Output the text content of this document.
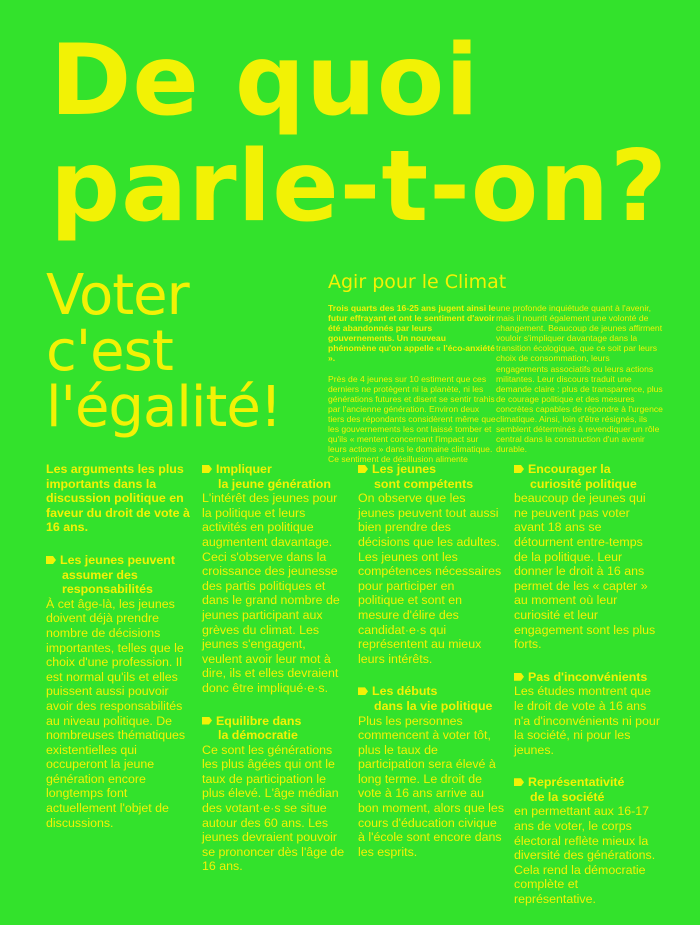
De quoi
parle-t-on?
Voter
c'est
l'égalité!
Agir pour le Climat

Trois quarts des 16-25 ans jugent ainsi le futur effrayant et ont le sentiment d'avoir été abandonnés par leurs gouvernements. Un nouveau phénomène qu'on appelle « l'éco-anxiété ».

Près de 4 jeunes sur 10 estiment que ces derniers ne protègent ni la planète, ni les générations futures et disent se sentir trahis par l'ancienne génération. Environ deux tiers des répondants considèrent même que les gouvernements les ont laissé tomber et qu'ils « mentent concernant l'impact sur leurs actions » dans le domaine climatique. Ce sentiment de désillusion alimente

une profonde inquiétude quant à l'avenir, mais il nourrit également une volonté de changement. Beaucoup de jeunes affirment vouloir s'impliquer davantage dans la transition écologique, que ce soit par leurs choix de consommation, leurs engagements associatifs ou leurs actions militantes. Leur discours traduit une demande claire : plus de transparence, plus de courage politique et des mesures concrètes capables de répondre à l'urgence climatique. Ainsi, loin d'être résignés, ils semblent déterminés à revendiquer un rôle central dans la construction d'un avenir durable.

Les arguments les plus importants dans la discussion politique en faveur du droit de vote à 16 ans.

Les jeunes peuvent
assumer des responsabilités

À cet âge-là, les jeunes doivent déjà prendre nombre de décisions importantes, telles que le choix d'une profession. Il est normal qu'ils et elles puissent aussi pouvoir avoir des responsabilités au niveau politique. De nombreuses thématiques existentielles qui occuperont la jeune génération encore longtemps font actuellement l'objet de discussions.

Impliquer
la jeune génération

L'intérêt des jeunes pour la politique et leurs activités en politique augmentent davantage. Ceci s'observe dans la croissance des jeunesse des partis politiques et dans le grand nombre de jeunes participant aux grèves du climat. Les jeunes s'engagent, veulent avoir leur mot à dire, ils et elles devraient donc être impliqué·e·s.

Equilibre dans
la démocratie

Ce sont les générations les plus âgées qui ont le taux de participation le plus élevé. L'âge médian des votant·e·s se situe autour des 60 ans. Les jeunes devraient pouvoir se prononcer dès l'âge de 16 ans.

Les jeunes
sont compétents

On observe que les jeunes peuvent tout aussi bien prendre des décisions que les adultes. Les jeunes ont les compétences nécessaires pour participer en politique et sont en mesure d'élire des candidat·e·s qui représentent au mieux leurs intérêts.

Les débuts
dans la vie politique

Plus les personnes commencent à voter tôt, plus le taux de participation sera élevé à long terme. Le droit de vote à 16 ans arrive au bon moment, alors que les cours d'éducation civique à l'école sont encore dans les esprits.

Encourager la
curiosité politique

beaucoup de jeunes qui ne peuvent pas voter avant 18 ans se détournent entre-temps de la politique. Leur donner le droit à 16 ans permet de les « capter » au moment où leur curiosité et leur engagement sont les plus forts.

Pas d'inconvénients

Les études montrent que le droit de vote à 16 ans n'a d'inconvénients ni pour la société, ni pour les jeunes.

Représentativité
de la société

en permettant aux 16-17 ans de voter, le corps électoral reflète mieux la diversité des générations. Cela rend la démocratie complète et représentative.
